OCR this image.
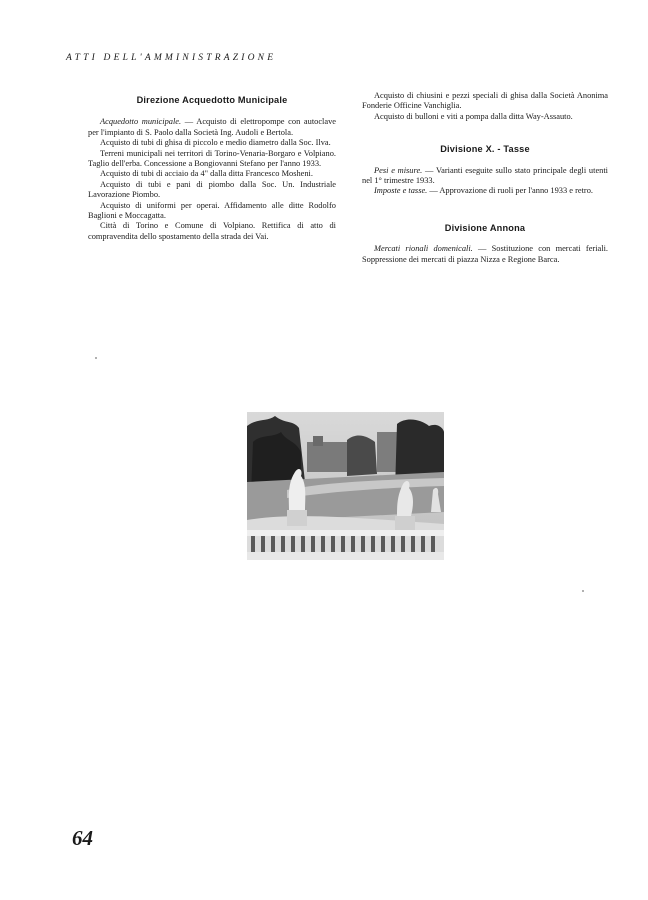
ATTI DELL'AMMINISTRAZIONE
Direzione Acquedotto Municipale

Acquedotto municipale. — Acquisto di elettropompe con autoclave per l'impianto di S. Paolo dalla Società Ing. Audoli e Bertola.

Acquisto di tubi di ghisa di piccolo e medio diametro dalla Soc. Ilva.

Terreni municipali nei territori di Torino-Venaria-Borgaro e Volpiano. Taglio dell'erba. Concessione a Bongiovanni Stefano per l'anno 1933.

Acquisto di tubi di acciaio da 4" dalla ditta Francesco Mosheni.

Acquisto di tubi e pani di piombo dalla Soc. Un. Industriale Lavorazione Piombo.

Acquisto di uniformi per operai. Affidamento alle ditte Rodolfo Baglioni e Moccagatta.

Città di Torino e Comune di Volpiano. Rettifica di atto di compravendita dello spostamento della strada dei Vai.

Acquisto di chiusini e pezzi speciali di ghisa dalla Società Anonima Fonderie Officine Vanchiglia.

Acquisto di bulloni e viti a pompa dalla ditta Way-Assauto.

Divisione X. - Tasse

Pesi e misure. — Varianti eseguite sullo stato principale degli utenti nel 1° trimestre 1933.

Imposte e tasse. — Approvazione di ruoli per l'anno 1933 e retro.

Divisione Annona

Mercati rionali domenicali. — Sostituzione con mercati feriali. Soppressione dei mercati di piazza Nizza e Regione Barca.

64
